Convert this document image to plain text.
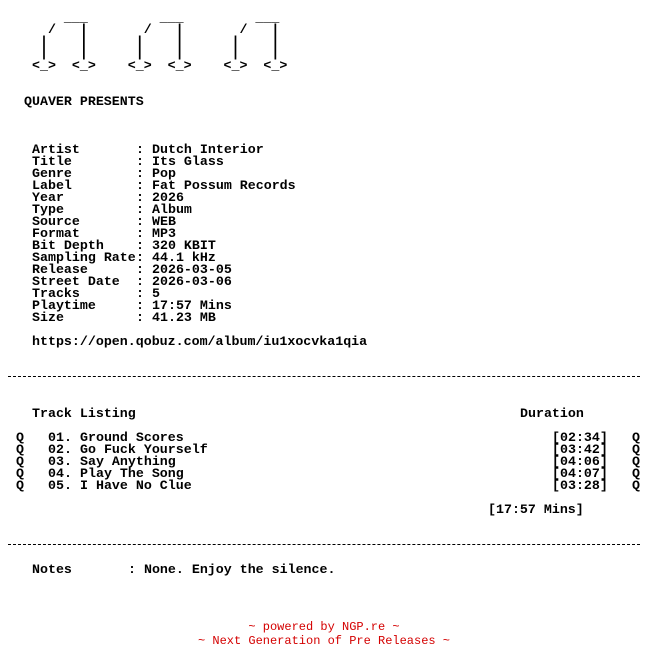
___         ___         ___
/   |       /   |       /   |
|    |      |    |      |    |
|    |      |    |      |    |
<_>  <_>    <_>  <_>    <_>  <_>
QUAVER PRESENTS
Artist	: Dutch Interior
Title	: Its Glass
Genre	: Pop
Label	: Fat Possum Records
Year	: 2026
Type	: Album
Source	: WEB
Format	: MP3
Bit Depth : 320 KBIT
Sampling Rate : 44.1 kHz
Release	: 2026-03-05
Street Date : 2026-03-06
Tracks	: 5
Playtime	: 17:57 Mins
Size	: 41.23 MB
https://open.qobuz.com/album/iu1xocvka1qia
Track Listing	Duration
Q 01. Ground Scores	[02:34] Q
Q 02. Go Fuck Yourself	[03:42] Q
Q 03. Say Anything	[04:06] Q
Q 04. Play The Song	[04:07] Q
Q 05. I Have No Clue	[03:28] Q
[17:57 Mins]
Notes	: None. Enjoy the silence.
~ powered by NGP.re ~
~ Next Generation of Pre Releases ~
